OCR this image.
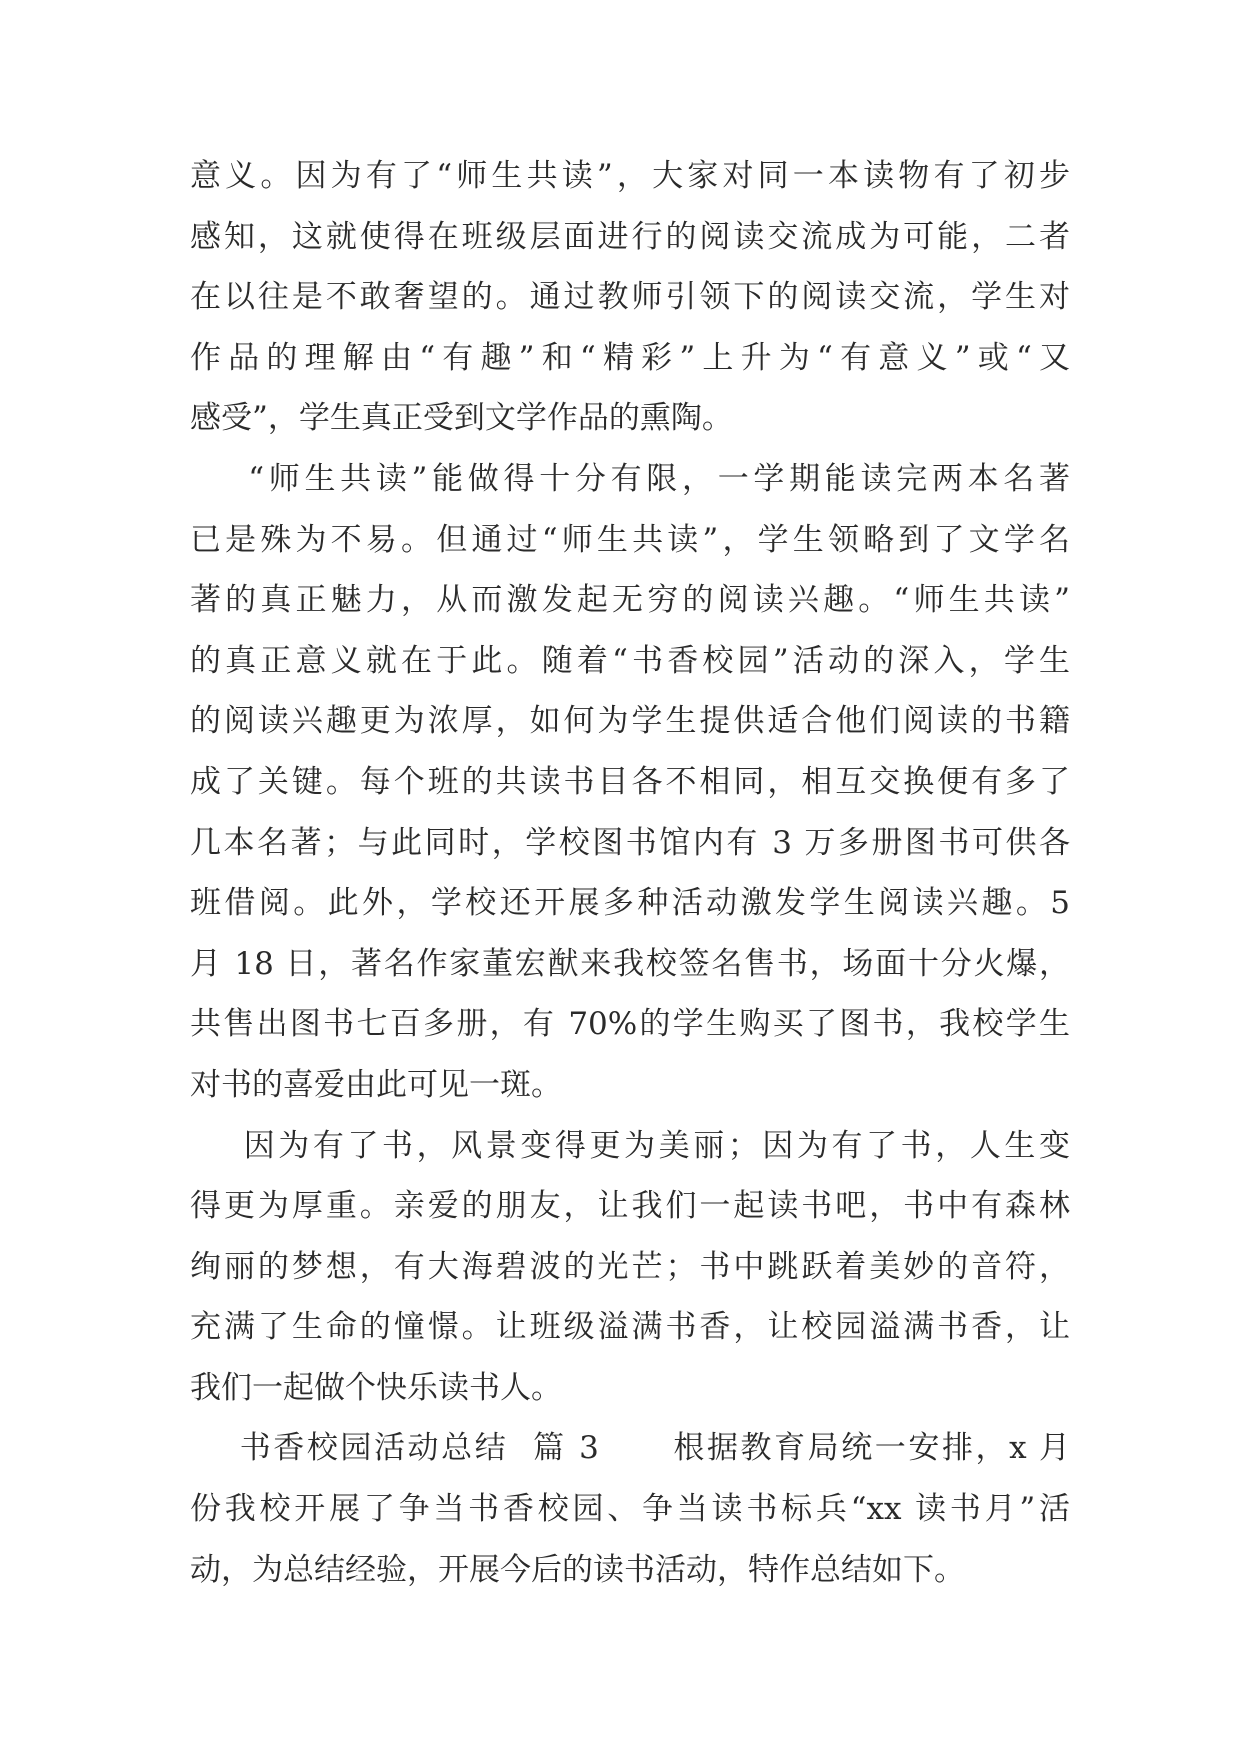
意义。因为有了“师生共读”，大家对同一本读物有了初步
感知，这就使得在班级层面进行的阅读交流成为可能，二者
在以往是不敢奢望的。通过教师引领下的阅读交流，学生对
作品的理解由“有趣”和“精彩”上升为“有意义”或“又
感受”，学生真正受到文学作品的熏陶。
“师生共读”能做得十分有限，一学期能读完两本名著
已是殊为不易。但通过“师生共读”，学生领略到了文学名
著的真正魅力，从而激发起无穷的阅读兴趣。“师生共读”
的真正意义就在于此。随着“书香校园”活动的深入，学生
的阅读兴趣更为浓厚，如何为学生提供适合他们阅读的书籍
成了关键。每个班的共读书目各不相同，相互交换便有多了
几本名著；与此同时，学校图书馆内有 3 万多册图书可供各
班借阅。此外，学校还开展多种活动激发学生阅读兴趣。5
月 18 日，著名作家董宏猷来我校签名售书，场面十分火爆，
共售出图书七百多册，有 70%的学生购买了图书，我校学生
对书的喜爱由此可见一斑。
因为有了书，风景变得更为美丽；因为有了书，人生变
得更为厚重。亲爱的朋友，让我们一起读书吧，书中有森林
绚丽的梦想，有大海碧波的光芒；书中跳跃着美妙的音符，
充满了生命的憧憬。让班级溢满书香，让校园溢满书香，让
我们一起做个快乐读书人。
书香校园活动总结  篇 3      根据教育局统一安排，x 月
份我校开展了争当书香校园、争当读书标兵“xx 读书月”活
动，为总结经验，开展今后的读书活动，特作总结如下。
